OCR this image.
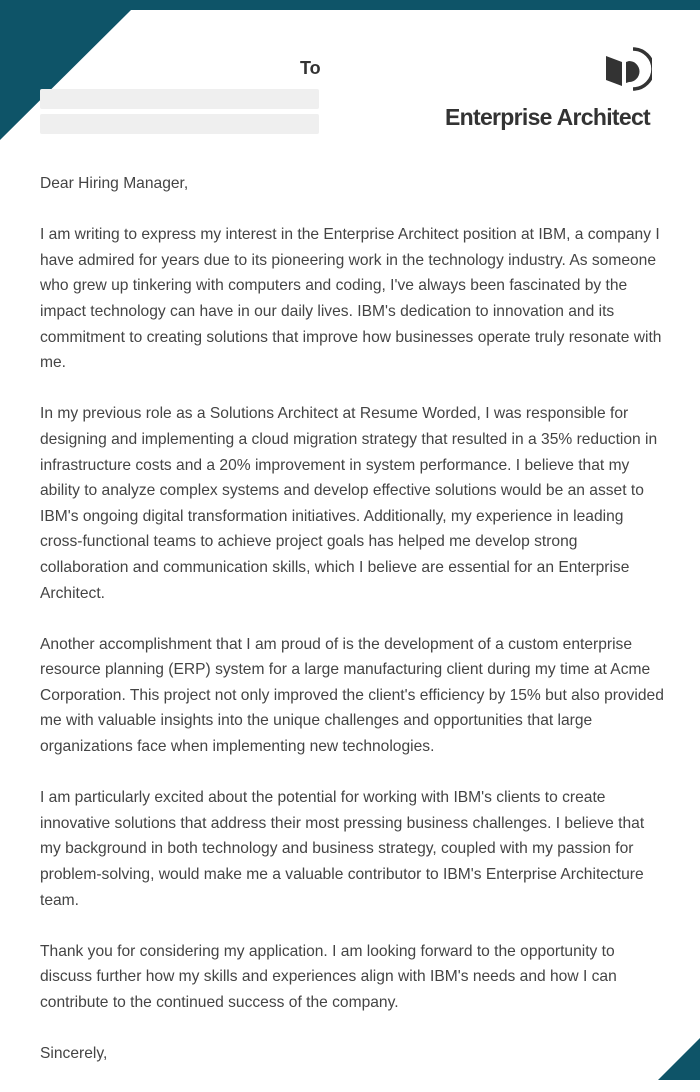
To
Enterprise Architect

Dear Hiring Manager,

I am writing to express my interest in the Enterprise Architect position at IBM, a company I have admired for years due to its pioneering work in the technology industry. As someone who grew up tinkering with computers and coding, I've always been fascinated by the impact technology can have in our daily lives. IBM's dedication to innovation and its commitment to creating solutions that improve how businesses operate truly resonate with me.

In my previous role as a Solutions Architect at Resume Worded, I was responsible for designing and implementing a cloud migration strategy that resulted in a 35% reduction in infrastructure costs and a 20% improvement in system performance. I believe that my ability to analyze complex systems and develop effective solutions would be an asset to IBM's ongoing digital transformation initiatives. Additionally, my experience in leading cross-functional teams to achieve project goals has helped me develop strong collaboration and communication skills, which I believe are essential for an Enterprise Architect.

Another accomplishment that I am proud of is the development of a custom enterprise resource planning (ERP) system for a large manufacturing client during my time at Acme Corporation. This project not only improved the client's efficiency by 15% but also provided me with valuable insights into the unique challenges and opportunities that large organizations face when implementing new technologies.

I am particularly excited about the potential for working with IBM's clients to create innovative solutions that address their most pressing business challenges. I believe that my background in both technology and business strategy, coupled with my passion for problem-solving, would make me a valuable contributor to IBM's Enterprise Architecture team.

Thank you for considering my application. I am looking forward to the opportunity to discuss further how my skills and experiences align with IBM's needs and how I can contribute to the continued success of the company.

Sincerely,
